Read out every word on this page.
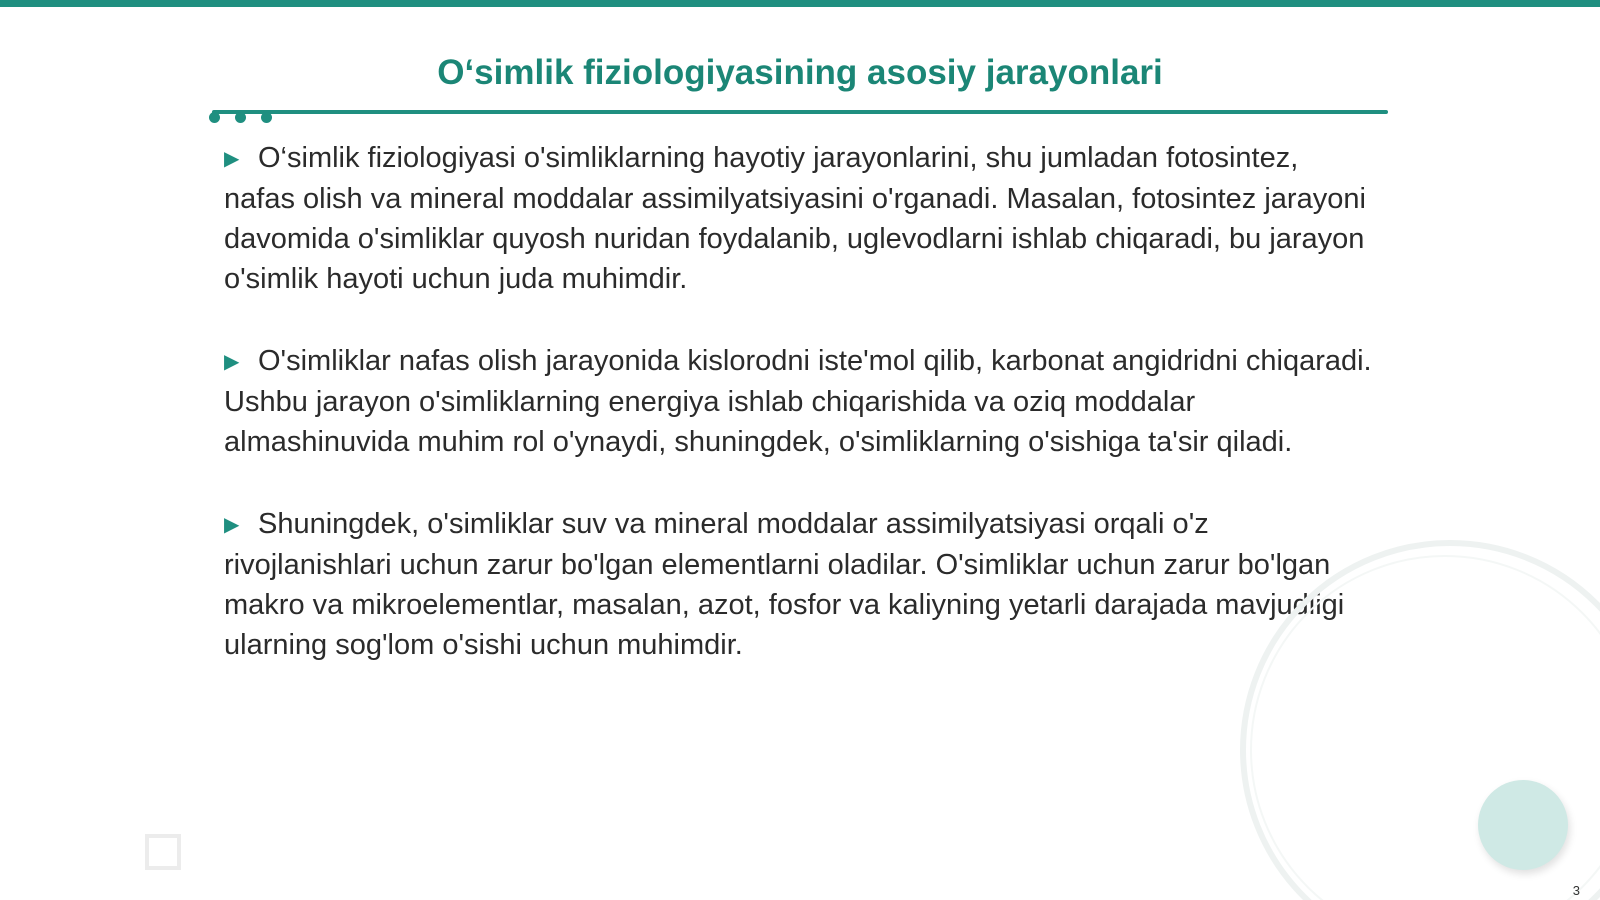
O‘simlik fiziologiyasining asosiy jarayonlari

▶ O‘simlik fiziologiyasi o'simliklarning hayotiy jarayonlarini, shu jumladan fotosintez, nafas olish va mineral moddalar assimilyatsiyasini o'rganadi. Masalan, fotosintez jarayoni davomida o'simliklar quyosh nuridan foydalanib, uglevodlarni ishlab chiqaradi, bu jarayon o'simlik hayoti uchun juda muhimdir.

▶ O'simliklar nafas olish jarayonida kislorodni iste'mol qilib, karbonat angidridni chiqaradi. Ushbu jarayon o'simliklarning energiya ishlab chiqarishida va oziq moddalar almashinuvida muhim rol o'ynaydi, shuningdek, o'simliklarning o'sishiga ta'sir qiladi.

▶ Shuningdek, o'simliklar suv va mineral moddalar assimilyatsiyasi orqali o'z rivojlanishlari uchun zarur bo'lgan elementlarni oladilar. O'simliklar uchun zarur bo'lgan makro va mikroelementlar, masalan, azot, fosfor va kaliyning yetarli darajada mavjudligi ularning sog'lom o'sishi uchun muhimdir.

3
